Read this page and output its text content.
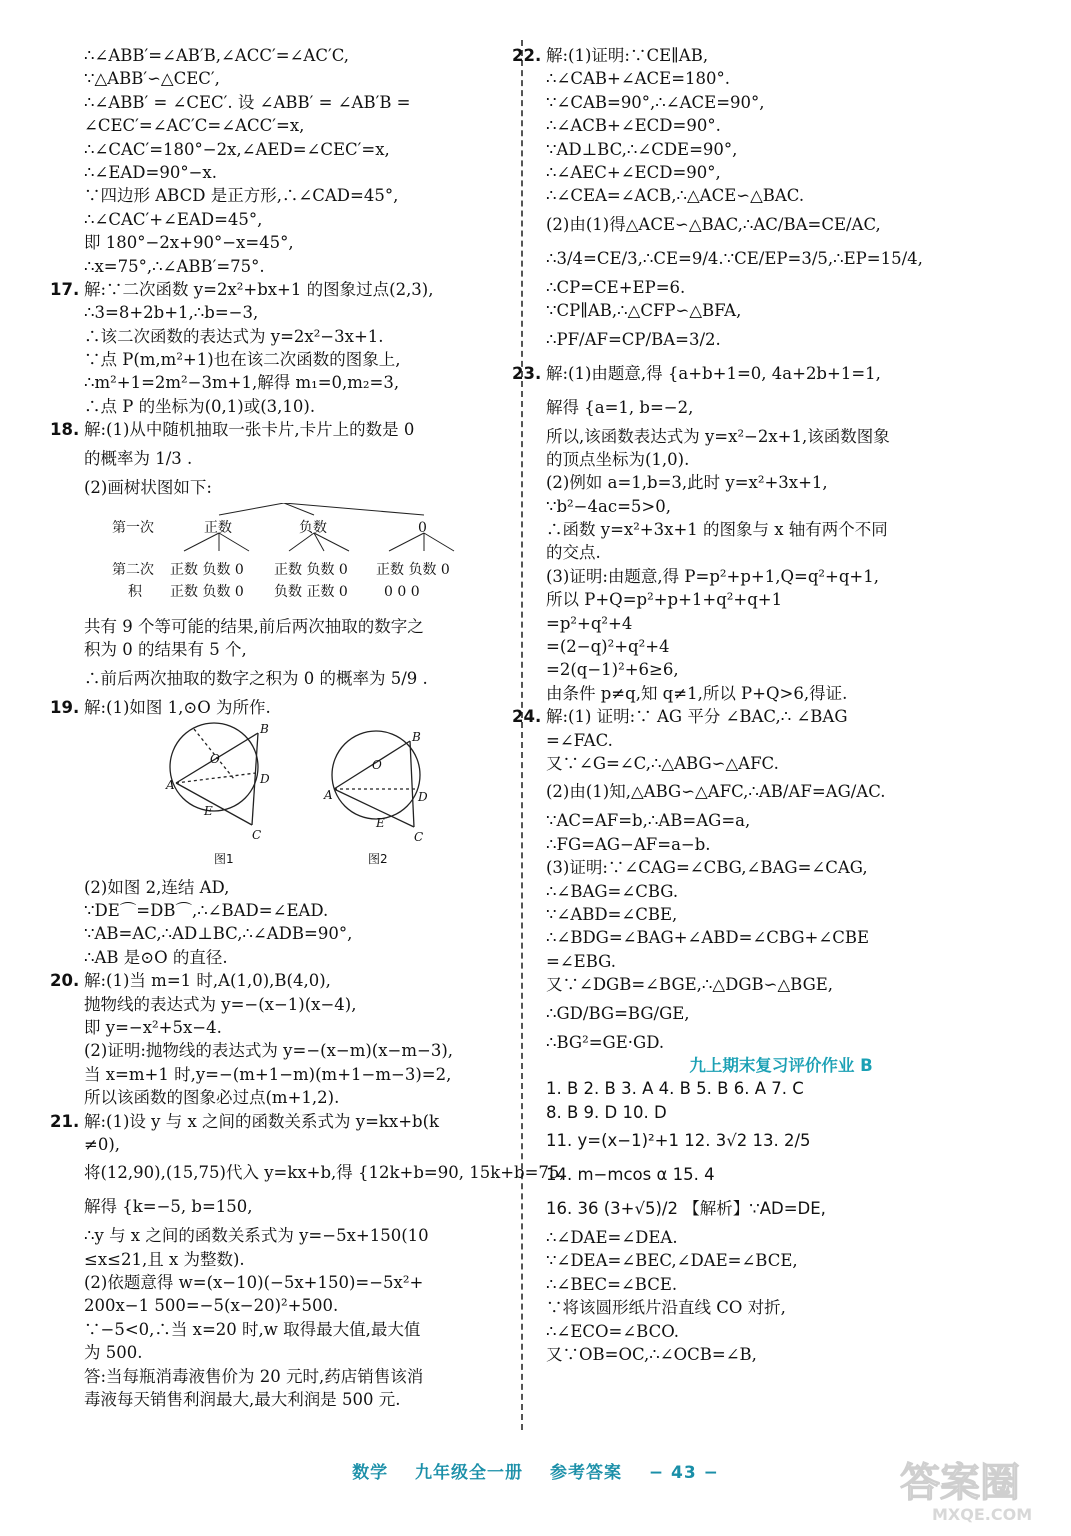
∴∠ABB′=∠AB′B,∠ACC′=∠AC′C,
∵△ABB′∽△CEC′,
∴∠ABB′ = ∠CEC′. 设 ∠ABB′ = ∠AB′B =
∠CEC′=∠AC′C=∠ACC′=x,
∴∠CAC′=180°−2x,∠AED=∠CEC′=x,
∴∠EAD=90°−x.
∵四边形 ABCD 是正方形,∴∠CAD=45°,
∴∠CAC′+∠EAD=45°,
即 180°−2x+90°−x=45°,
∴x=75°,∴∠ABB′=75°.
17. 解:∵二次函数 y=2x²+bx+1 的图象过点(2,3),
∴3=8+2b+1,∴b=−3,
∴该二次函数的表达式为 y=2x²−3x+1.
∵点 P(m,m²+1)也在该二次函数的图象上,
∴m²+1=2m²−3m+1,解得 m₁=0,m₂=3,
∴点 P 的坐标为(0,1)或(3,10).
18. 解:(1)从中随机抽取一张卡片,卡片上的数是 0
的概率为 1/3 .
(2)画树状图如下:
第一次	正数	负数	0
第二次 正数 负数 0 正数 负数 0 正数 负数 0
积 正数 负数 0 负数 正数 0	0 0 0
共有 9 个等可能的结果,前后两次抽取的数字之
积为 0 的结果有 5 个,
∴前后两次抽取的数字之积为 0 的概率为 5/9 .
19. 解:(1)如图 1,⊙O 为所作.
B
O
D
A
E
C
B
O
D
A
E
C
图1	图2
(2)如图 2,连结 AD,
∵DE⌒=DB⌒,∴∠BAD=∠EAD.
∵AB=AC,∴AD⊥BC,∴∠ADB=90°,
∴AB 是⊙O 的直径.
20. 解:(1)当 m=1 时,A(1,0),B(4,0),
抛物线的表达式为 y=−(x−1)(x−4),
即 y=−x²+5x−4.
(2)证明:抛物线的表达式为 y=−(x−m)(x−m−3),
当 x=m+1 时,y=−(m+1−m)(m+1−m−3)=2,
所以该函数的图象必过点(m+1,2).
21. 解:(1)设 y 与 x 之间的函数关系式为 y=kx+b(k
≠0),
将(12,90),(15,75)代入 y=kx+b,得 {12k+b=90, 15k+b=75,
解得 {k=−5, b=150,
∴y 与 x 之间的函数关系式为 y=−5x+150(10
≤x≤21,且 x 为整数).
(2)依题意得 w=(x−10)(−5x+150)=−5x²+
200x−1 500=−5(x−20)²+500.
∵−5<0,∴当 x=20 时,w 取得最大值,最大值
为 500.
答:当每瓶消毒液售价为 20 元时,药店销售该消
毒液每天销售利润最大,最大利润是 500 元.
22. 解:(1)证明:∵CE∥AB,
∴∠CAB+∠ACE=180°.
∵∠CAB=90°,∴∠ACE=90°,
∴∠ACB+∠ECD=90°.
∵AD⊥BC,∴∠CDE=90°,
∴∠AEC+∠ECD=90°,
∴∠CEA=∠ACB,∴△ACE∽△BAC.
(2)由(1)得△ACE∽△BAC,∴AC/BA=CE/AC,
∴3/4=CE/3,∴CE=9/4.∵CE/EP=3/5,∴EP=15/4,
∴CP=CE+EP=6.
∵CP∥AB,∴△CFP∽△BFA,
∴PF/AF=CP/BA=3/2.
23. 解:(1)由题意,得 {a+b+1=0, 4a+2b+1=1,
解得 {a=1, b=−2,
所以,该函数表达式为 y=x²−2x+1,该函数图象
的顶点坐标为(1,0).
(2)例如 a=1,b=3,此时 y=x²+3x+1,
∵b²−4ac=5>0,
∴函数 y=x²+3x+1 的图象与 x 轴有两个不同
的交点.
(3)证明:由题意,得 P=p²+p+1,Q=q²+q+1,
所以 P+Q=p²+p+1+q²+q+1
=p²+q²+4
=(2−q)²+q²+4
=2(q−1)²+6≥6,
由条件 p≠q,知 q≠1,所以 P+Q>6,得证.
24. 解:(1) 证明:∵ AG 平分 ∠BAC,∴ ∠BAG
=∠FAC.
又∵∠G=∠C,∴△ABG∽△AFC.
(2)由(1)知,△ABG∽△AFC,∴AB/AF=AG/AC.
∵AC=AF=b,∴AB=AG=a,
∴FG=AG−AF=a−b.
(3)证明:∵∠CAG=∠CBG,∠BAG=∠CAG,
∴∠BAG=∠CBG.
∵∠ABD=∠CBE,
∴∠BDG=∠BAG+∠ABD=∠CBG+∠CBE
=∠EBG.
又∵∠DGB=∠BGE,∴△DGB∽△BGE,
∴GD/BG=BG/GE,
∴BG²=GE·GD.
九上期末复习评价作业 B
1. B 2. B 3. A 4. B 5. B 6. A 7. C
8. B 9. D 10. D
11. y=(x−1)²+1 12. 3√2 13. 2/5
14. m−mcos α 15. 4
16. 36 (3+√5)/2 【解析】∵AD=DE,
∴∠DAE=∠DEA.
∵∠DEA=∠BEC,∠DAE=∠BCE,
∴∠BEC=∠BCE.
∵将该圆形纸片沿直线 CO 对折,
∴∠ECO=∠BCO.
又∵OB=OC,∴∠OCB=∠B,
数学 九年级全一册 参考答案 − 43 −	答案圈
MXQE.COM
